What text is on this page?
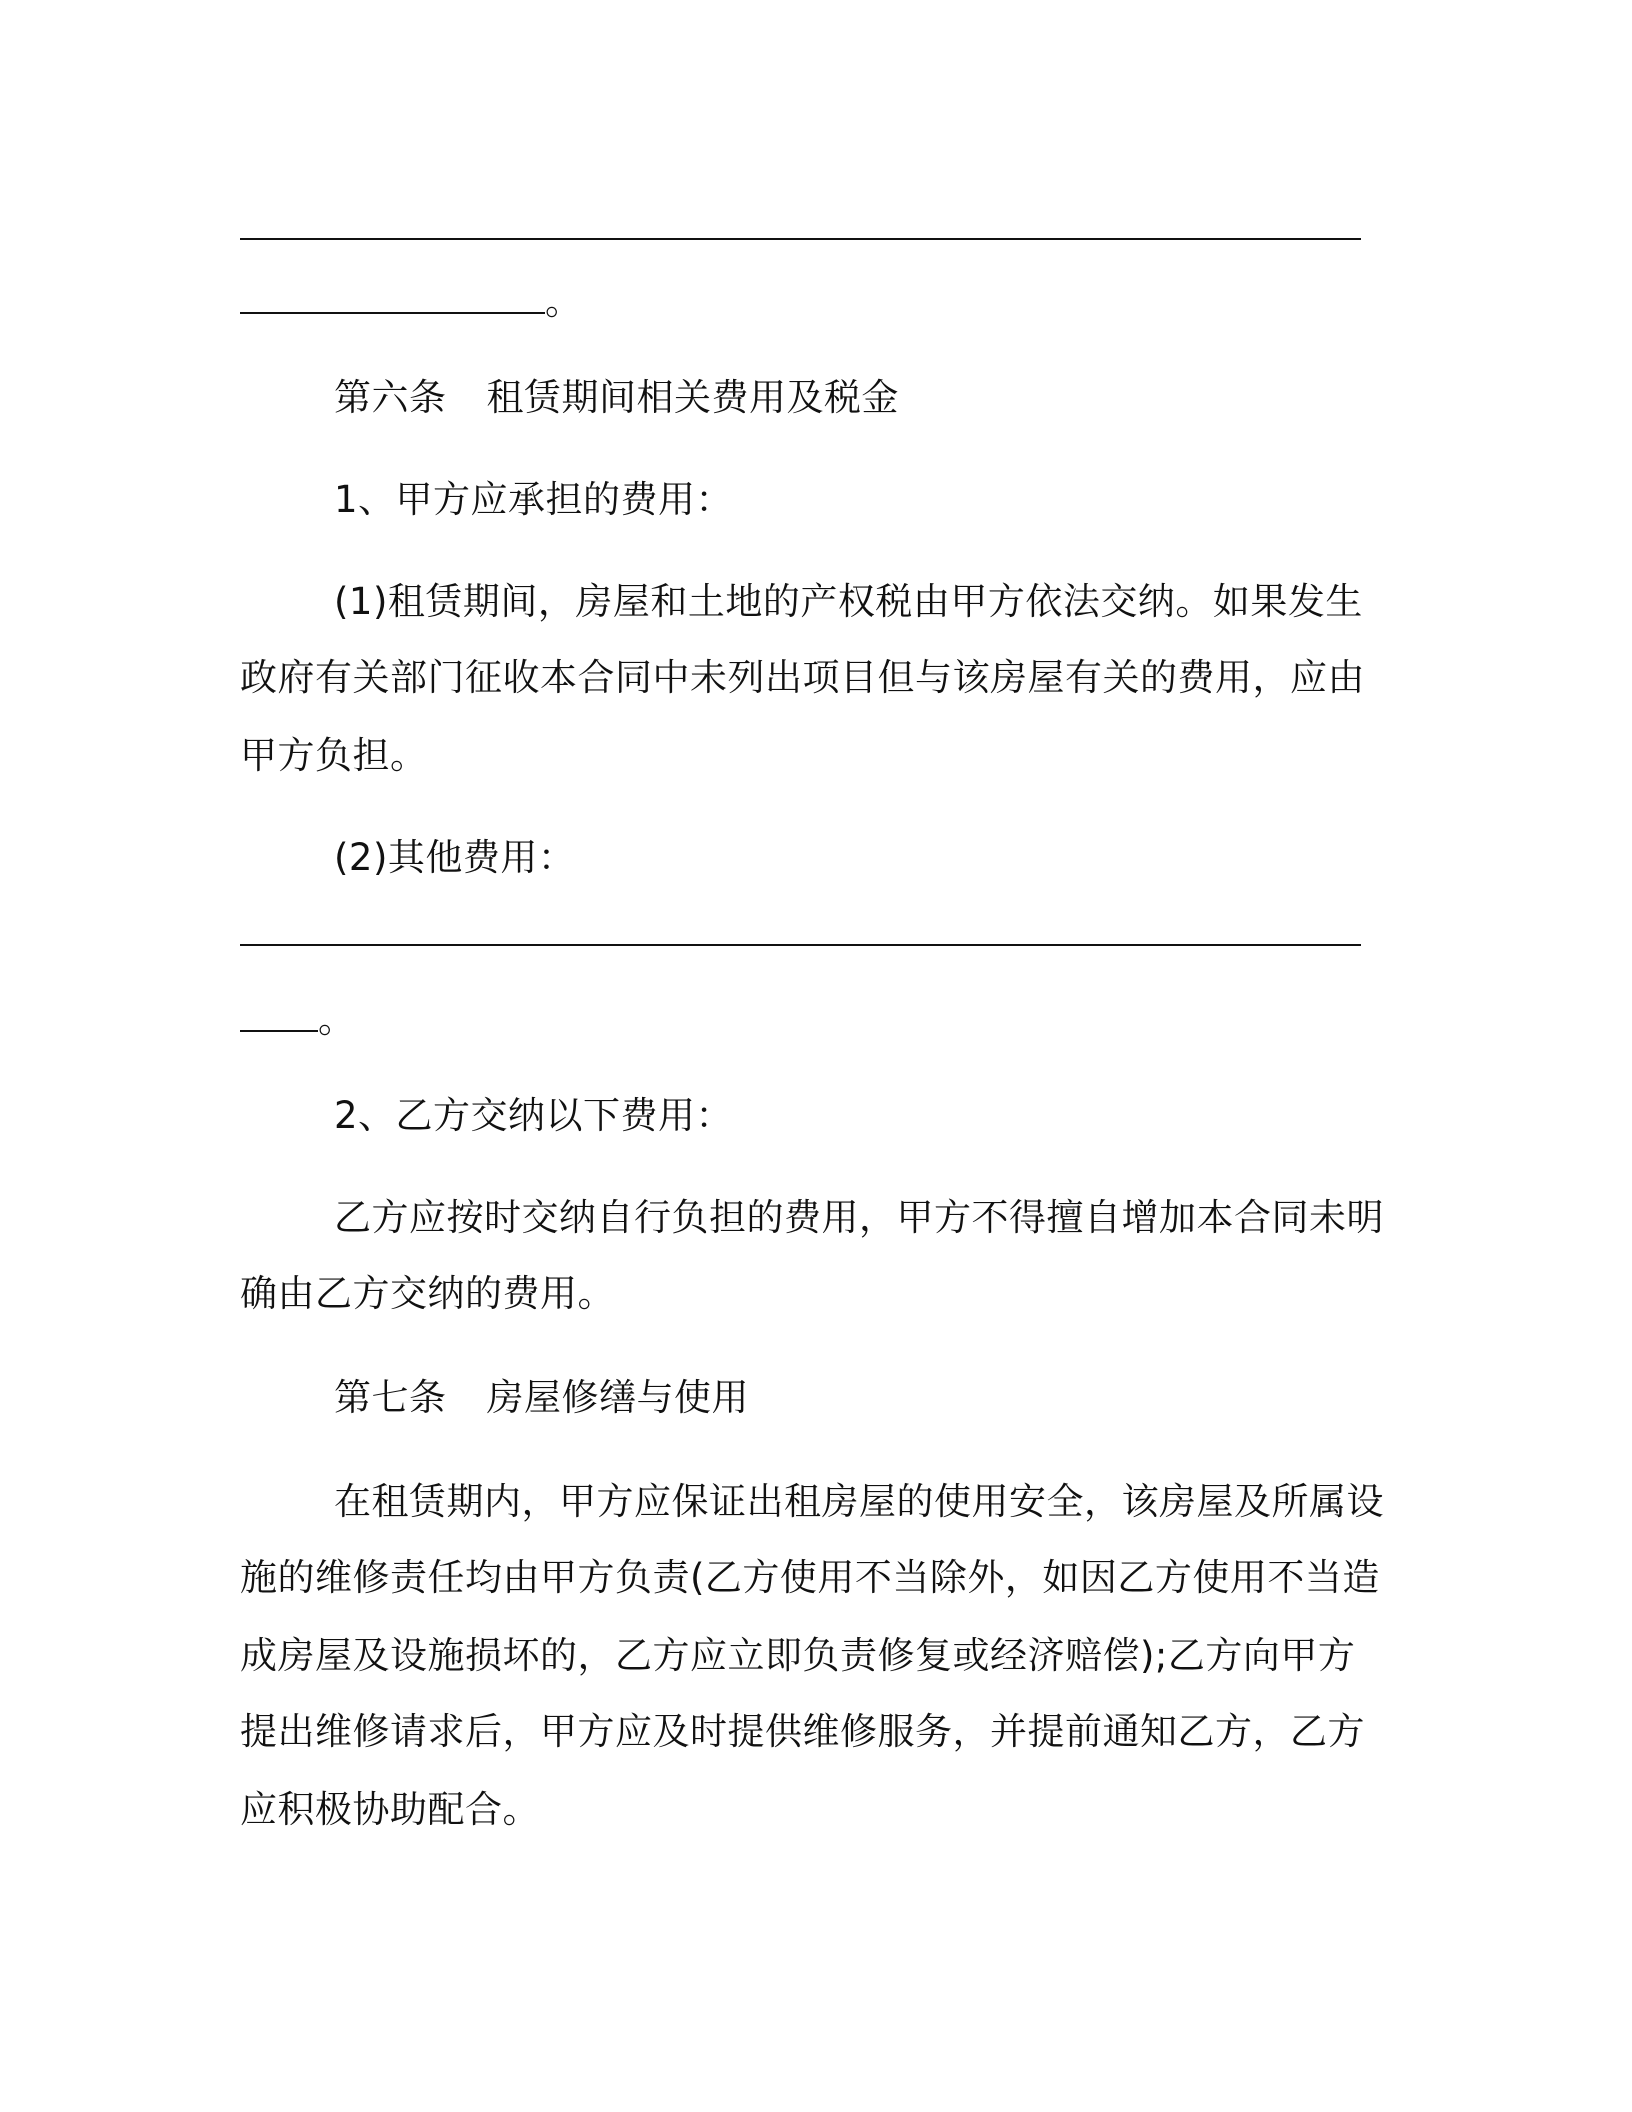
。

第六条 租赁期间相关费用及税金

1、甲方应承担的费用：

(1)租赁期间，房屋和土地的产权税由甲方依法交纳。如果发生

政府有关部门征收本合同中未列出项目但与该房屋有关的费用，应由

甲方负担。

(2)其他费用：

。

2、乙方交纳以下费用：

乙方应按时交纳自行负担的费用，甲方不得擅自增加本合同未明

确由乙方交纳的费用。

第七条 房屋修缮与使用

在租赁期内，甲方应保证出租房屋的使用安全，该房屋及所属设

施的维修责任均由甲方负责(乙方使用不当除外，如因乙方使用不当造

成房屋及设施损坏的，乙方应立即负责修复或经济赔偿);乙方向甲方

提出维修请求后，甲方应及时提供维修服务，并提前通知乙方，乙方

应积极协助配合。
